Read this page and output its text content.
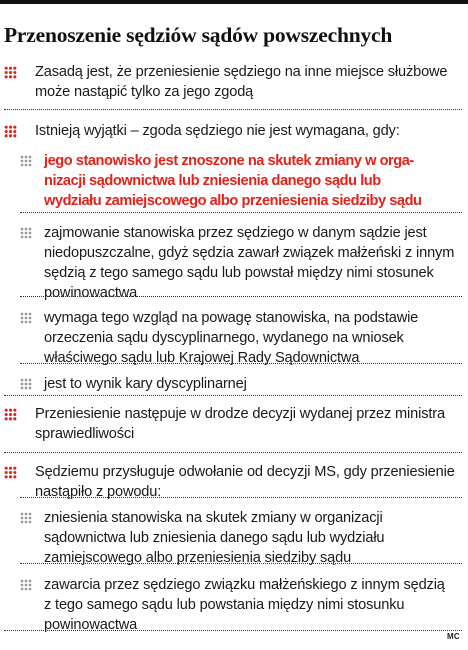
Przenoszenie sędziów sądów powszechnych
Zasadą jest, że przeniesienie sędziego na inne miejsce służbowe
może nastąpić tylko za jego zgodą
Istnieją wyjątki – zgoda sędziego nie jest wymagana, gdy:
jego stanowisko jest znoszone na skutek zmiany w orga-
nizacji sądownictwa lub zniesienia danego sądu lub
wydziału zamiejscowego albo przeniesienia siedziby sądu
zajmowanie stanowiska przez sędziego w danym sądzie jest
niedopuszczalne, gdyż sędzia zawarł związek małżeński z innym
sędzią z tego samego sądu lub powstał między nimi stosunek
powinowactwa
wymaga tego wzgląd na powagę stanowiska, na podstawie
orzeczenia sądu dyscyplinarnego, wydanego na wniosek
właściwego sądu lub Krajowej Rady Sądownictwa
jest to wynik kary dyscyplinarnej
Przeniesienie następuje w drodze decyzji wydanej przez ministra
sprawiedliwości
Sędziemu przysługuje odwołanie od decyzji MS, gdy przeniesienie
nastąpiło z powodu:
zniesienia stanowiska na skutek zmiany w organizacji
sądownictwa lub zniesienia danego sądu lub wydziału
zamiejscowego albo przeniesienia siedziby sądu
zawarcia przez sędziego związku małżeńskiego z innym sędzią
z tego samego sądu lub powstania między nimi stosunku
powinowactwa
MC
